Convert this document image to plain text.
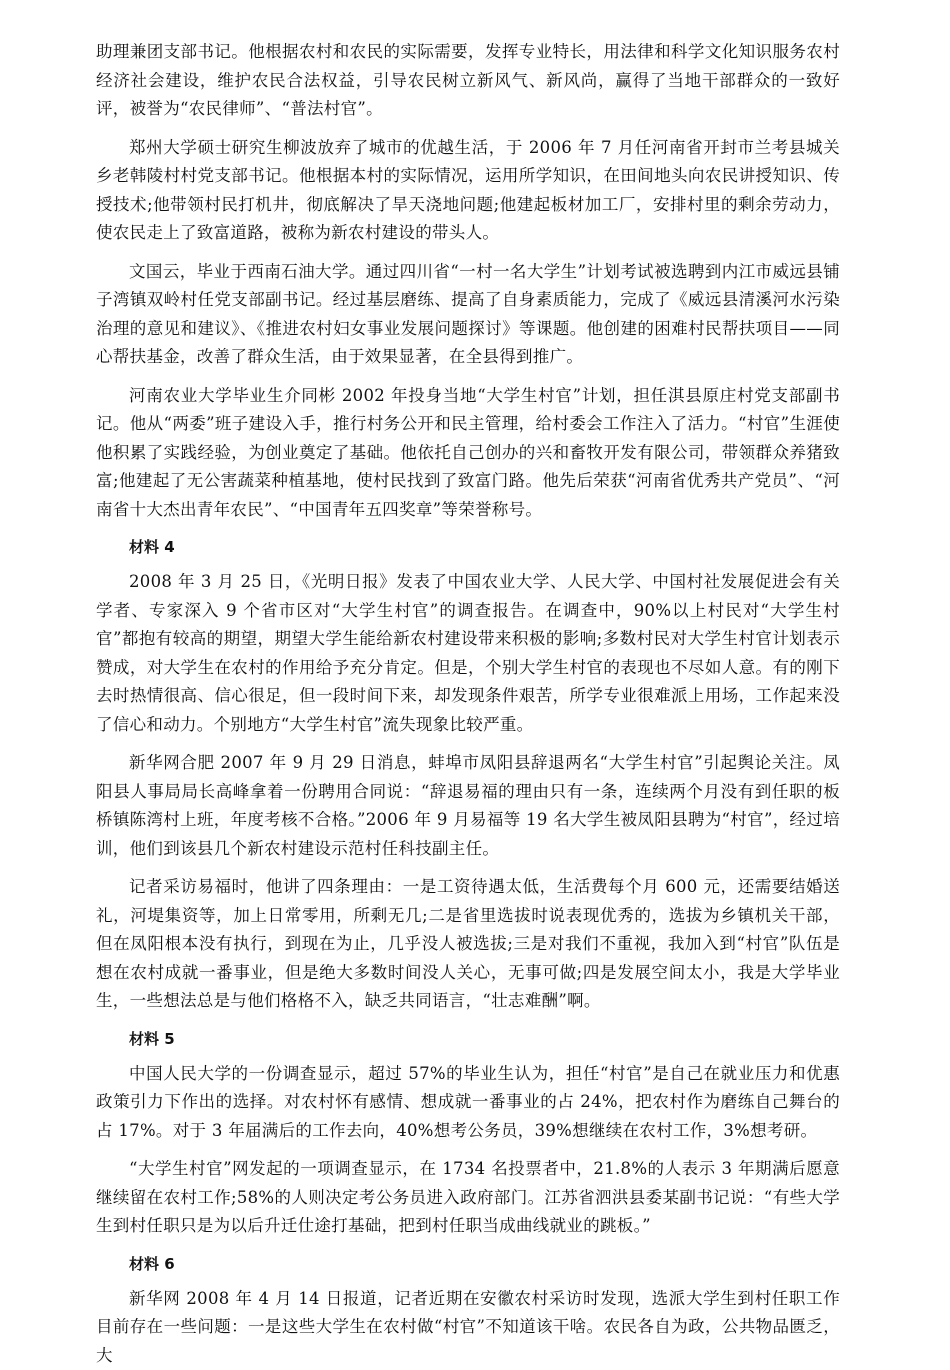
助理兼团支部书记。他根据农村和农民的实际需要，发挥专业特长，用法律和科学文化知识服务农村经济社会建设，维护农民合法权益，引导农民树立新风气、新风尚，赢得了当地干部群众的一致好评，被誉为“农民律师”、“普法村官”。

郑州大学硕士研究生柳波放弃了城市的优越生活，于 2006 年 7 月任河南省开封市兰考县城关乡老韩陵村村党支部书记。他根据本村的实际情况，运用所学知识，在田间地头向农民讲授知识、传授技术;他带领村民打机井，彻底解决了旱天浇地问题;他建起板材加工厂，安排村里的剩余劳动力，使农民走上了致富道路，被称为新农村建设的带头人。

文国云，毕业于西南石油大学。通过四川省“一村一名大学生”计划考试被选聘到内江市威远县铺子湾镇双岭村任党支部副书记。经过基层磨练、提高了自身素质能力，完成了《威远县清溪河水污染治理的意见和建议》、《推进农村妇女事业发展问题探讨》等课题。他创建的困难村民帮扶项目——同心帮扶基金，改善了群众生活，由于效果显著，在全县得到推广。

河南农业大学毕业生介同彬 2002 年投身当地“大学生村官”计划，担任淇县原庄村党支部副书记。他从“两委”班子建设入手，推行村务公开和民主管理，给村委会工作注入了活力。“村官”生涯使他积累了实践经验，为创业奠定了基础。他依托自己创办的兴和畜牧开发有限公司，带领群众养猪致富;他建起了无公害蔬菜种植基地，使村民找到了致富门路。他先后荣获“河南省优秀共产党员”、“河南省十大杰出青年农民”、“中国青年五四奖章”等荣誉称号。

材料 4

2008 年 3 月 25 日，《光明日报》发表了中国农业大学、人民大学、中国村社发展促进会有关学者、专家深入 9 个省市区对“大学生村官”的调查报告。在调查中，90%以上村民对“大学生村官”都抱有较高的期望，期望大学生能给新农村建设带来积极的影响;多数村民对大学生村官计划表示赞成，对大学生在农村的作用给予充分肯定。但是，个别大学生村官的表现也不尽如人意。有的刚下去时热情很高、信心很足，但一段时间下来，却发现条件艰苦，所学专业很难派上用场，工作起来没了信心和动力。个别地方“大学生村官”流失现象比较严重。

新华网合肥 2007 年 9 月 29 日消息，蚌埠市凤阳县辞退两名“大学生村官”引起舆论关注。凤阳县人事局局长高峰拿着一份聘用合同说：“辞退易福的理由只有一条，连续两个月没有到任职的板桥镇陈湾村上班，年度考核不合格。”2006 年 9 月易福等 19 名大学生被凤阳县聘为“村官”，经过培训，他们到该县几个新农村建设示范村任科技副主任。

记者采访易福时，他讲了四条理由：一是工资待遇太低，生活费每个月 600 元，还需要结婚送礼，河堤集资等，加上日常零用，所剩无几;二是省里选拔时说表现优秀的，选拔为乡镇机关干部，但在凤阳根本没有执行，到现在为止，几乎没人被选拔;三是对我们不重视，我加入到“村官”队伍是想在农村成就一番事业，但是绝大多数时间没人关心，无事可做;四是发展空间太小，我是大学毕业生，一些想法总是与他们格格不入，缺乏共同语言，“壮志难酬”啊。

材料 5

中国人民大学的一份调查显示，超过 57%的毕业生认为，担任“村官”是自己在就业压力和优惠政策引力下作出的选择。对农村怀有感情、想成就一番事业的占 24%，把农村作为磨练自己舞台的占 17%。对于 3 年届满后的工作去向，40%想考公务员，39%想继续在农村工作，3%想考研。

“大学生村官”网发起的一项调查显示，在 1734 名投票者中，21.8%的人表示 3 年期满后愿意继续留在农村工作;58%的人则决定考公务员进入政府部门。江苏省泗洪县委某副书记说：“有些大学生到村任职只是为以后升迁仕途打基础，把到村任职当成曲线就业的跳板。”

材料 6

新华网 2008 年 4 月 14 日报道，记者近期在安徽农村采访时发现，选派大学生到村任职工作目前存在一些问题：一是这些大学生在农村做“村官”不知道该干啥。农民各自为政，公共物品匮乏，大
